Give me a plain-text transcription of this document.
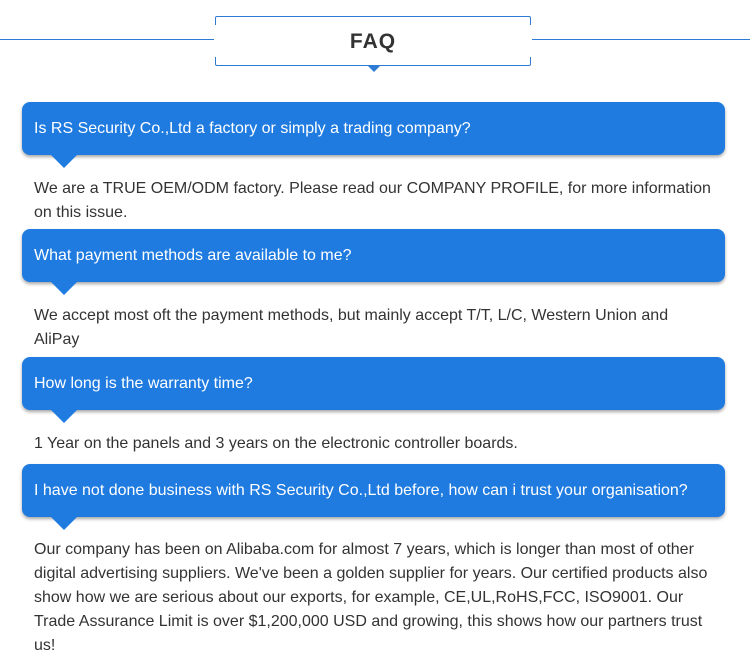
FAQ
Is RS Security Co.,Ltd a factory or simply a trading company?
We are a TRUE OEM/ODM factory. Please read our COMPANY PROFILE, for more information on this issue.
What payment methods are available to me?
We accept most oft the payment methods, but mainly accept T/T, L/C, Western Union and AliPay
How long is the warranty time?
1 Year on the panels and 3 years on the electronic controller boards.
I have not done business with RS Security Co.,Ltd before, how can i trust your organisation?
Our company has been on Alibaba.com for almost 7 years, which is longer than most of other digital advertising suppliers. We've been a golden supplier for years. Our certified products also show how we are serious about our exports, for example, CE,UL,RoHS,FCC, ISO9001. Our Trade Assurance Limit is over $1,200,000 USD and growing, this shows how our partners trust us!
